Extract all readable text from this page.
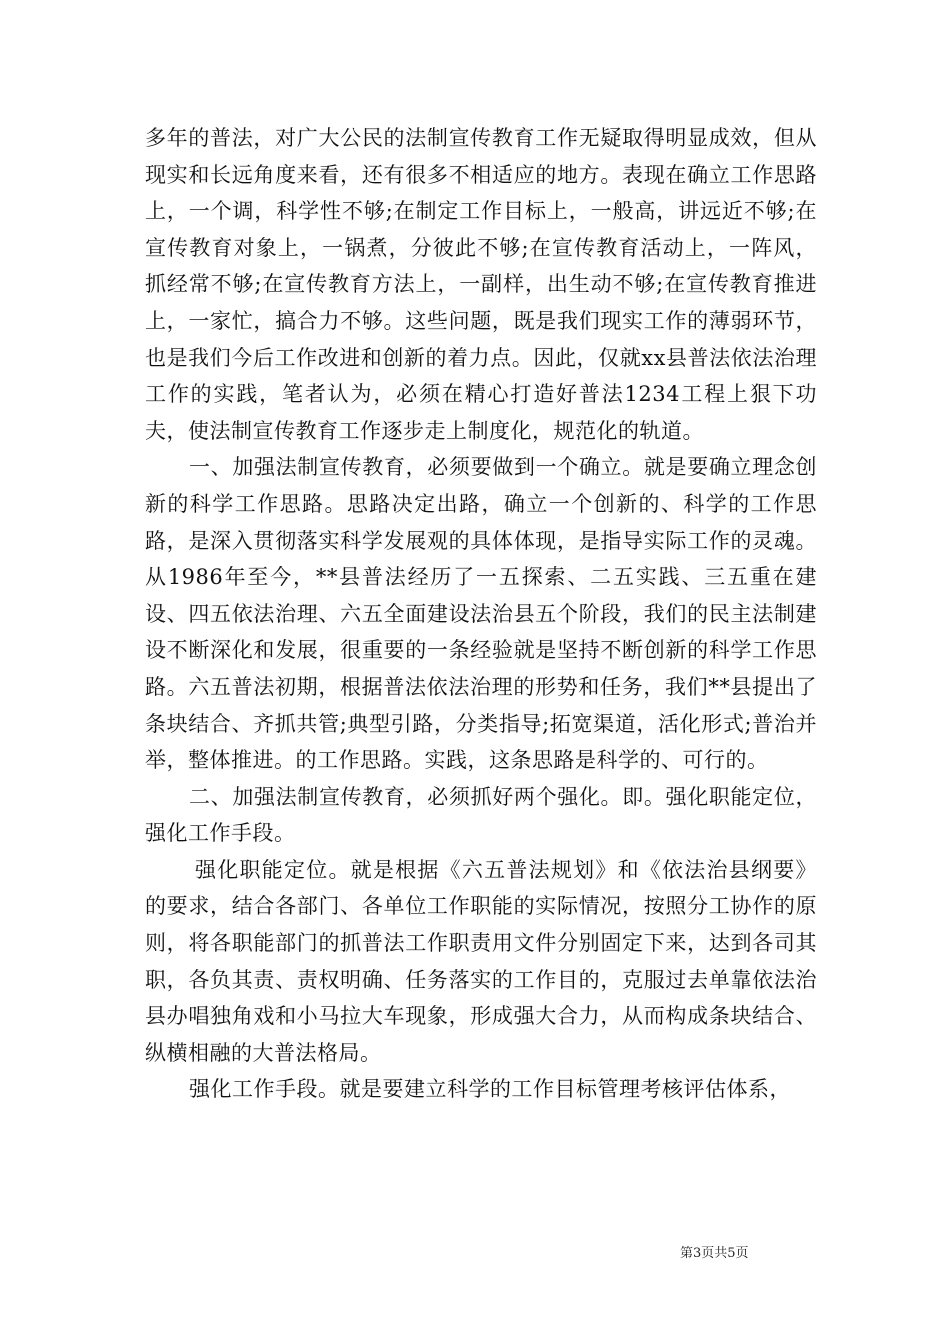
多年的普法，对广大公民的法制宣传教育工作无疑取得明显成效，但从现实和长远角度来看，还有很多不相适应的地方。表现在确立工作思路上，一个调，科学性不够;在制定工作目标上，一般高，讲远近不够;在宣传教育对象上，一锅煮，分彼此不够;在宣传教育活动上，一阵风，抓经常不够;在宣传教育方法上，一副样，出生动不够;在宣传教育推进上，一家忙，搞合力不够。这些问题，既是我们现实工作的薄弱环节，也是我们今后工作改进和创新的着力点。因此，仅就xx县普法依法治理工作的实践，笔者认为，必须在精心打造好普法1234工程上狠下功夫，使法制宣传教育工作逐步走上制度化，规范化的轨道。

一、加强法制宣传教育，必须要做到一个确立。就是要确立理念创新的科学工作思路。思路决定出路，确立一个创新的、科学的工作思路，是深入贯彻落实科学发展观的具体体现，是指导实际工作的灵魂。从1986年至今，**县普法经历了一五探索、二五实践、三五重在建设、四五依法治理、六五全面建设法治县五个阶段，我们的民主法制建设不断深化和发展，很重要的一条经验就是坚持不断创新的科学工作思路。六五普法初期，根据普法依法治理的形势和任务，我们**县提出了条块结合、齐抓共管;典型引路，分类指导;拓宽渠道，活化形式;普治并举，整体推进。的工作思路。实践，这条思路是科学的、可行的。

二、加强法制宣传教育，必须抓好两个强化。即。强化职能定位，强化工作手段。

强化职能定位。就是根据《六五普法规划》和《依法治县纲要》的要求，结合各部门、各单位工作职能的实际情况，按照分工协作的原则，将各职能部门的抓普法工作职责用文件分别固定下来，达到各司其职，各负其责、责权明确、任务落实的工作目的，克服过去单靠依法治县办唱独角戏和小马拉大车现象，形成强大合力，从而构成条块结合、纵横相融的大普法格局。

强化工作手段。就是要建立科学的工作目标管理考核评估体系，

第3页共5页
